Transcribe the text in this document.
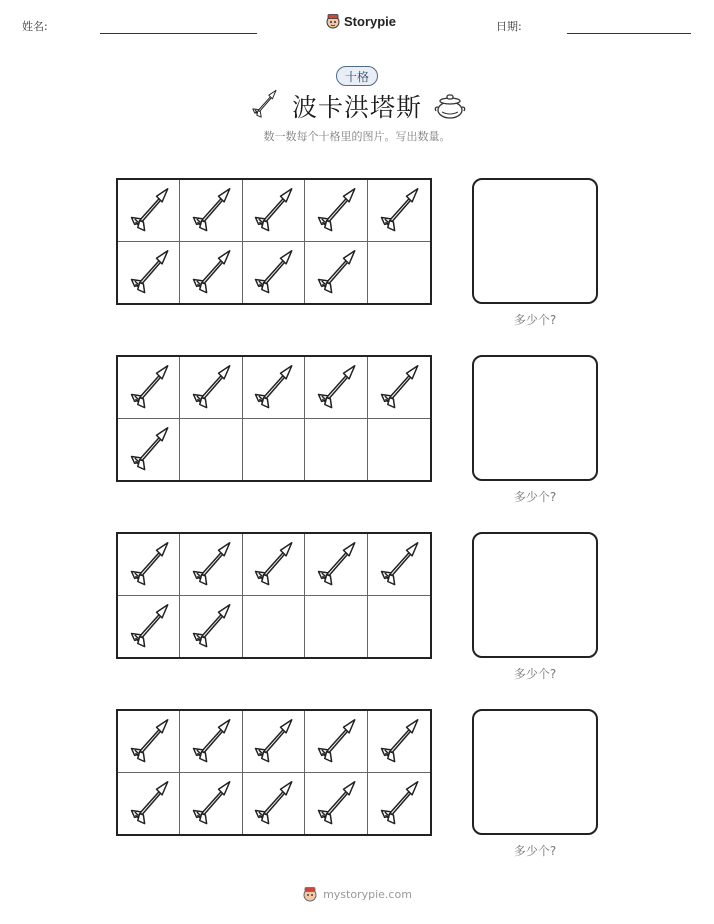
姓名:	Storypie	日期:
十格
波卡洪塔斯
数一数每个十格里的图片。写出数量。
多少个?
多少个?
多少个?
多少个?
mystorypie.com
